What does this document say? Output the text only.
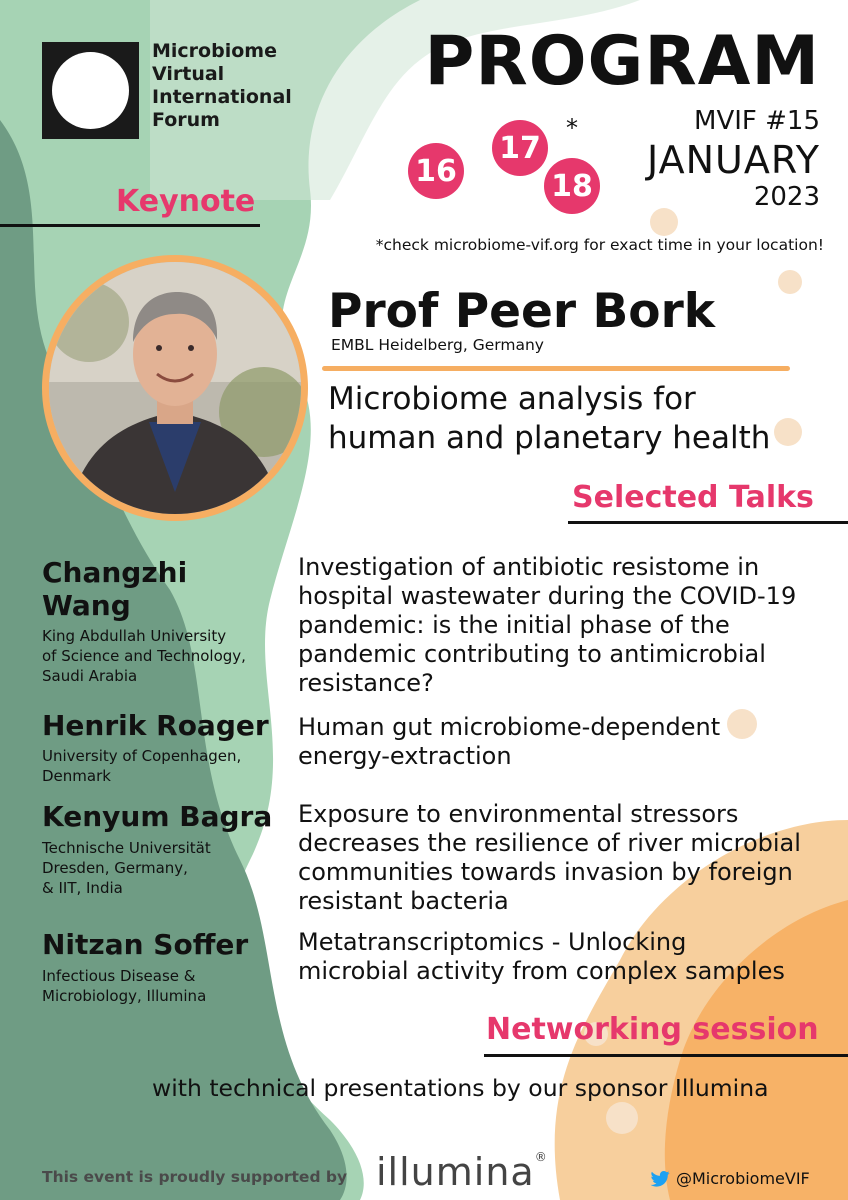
Microbiome
Virtual
International
Forum
PROGRAM
MVIF #15
16
17
18
*
JANUARY
2023
*check microbiome-vif.org for exact time in your location!
Keynote
Prof Peer Bork
EMBL Heidelberg, Germany
Microbiome analysis for
human and planetary health
Selected Talks
Changzhi
Wang
King Abdullah University
of Science and Technology,
Saudi Arabia
Investigation of antibiotic resistome in
hospital wastewater during the COVID-19
pandemic: is the initial phase of the
pandemic contributing to antimicrobial
resistance?
Henrik Roager
University of Copenhagen,
Denmark
Human gut microbiome-dependent
energy-extraction
Kenyum Bagra
Technische Universität
Dresden, Germany,
& IIT, India
Exposure to environmental stressors
decreases the resilience of river microbial
communities towards invasion by foreign
resistant bacteria
Nitzan Soffer
Infectious Disease &
Microbiology, Illumina
Metatranscriptomics - Unlocking
microbial activity from complex samples
Networking session
with technical presentations by our sponsor Illumina
This event is proudly supported by illumina®
@MicrobiomeVIF
